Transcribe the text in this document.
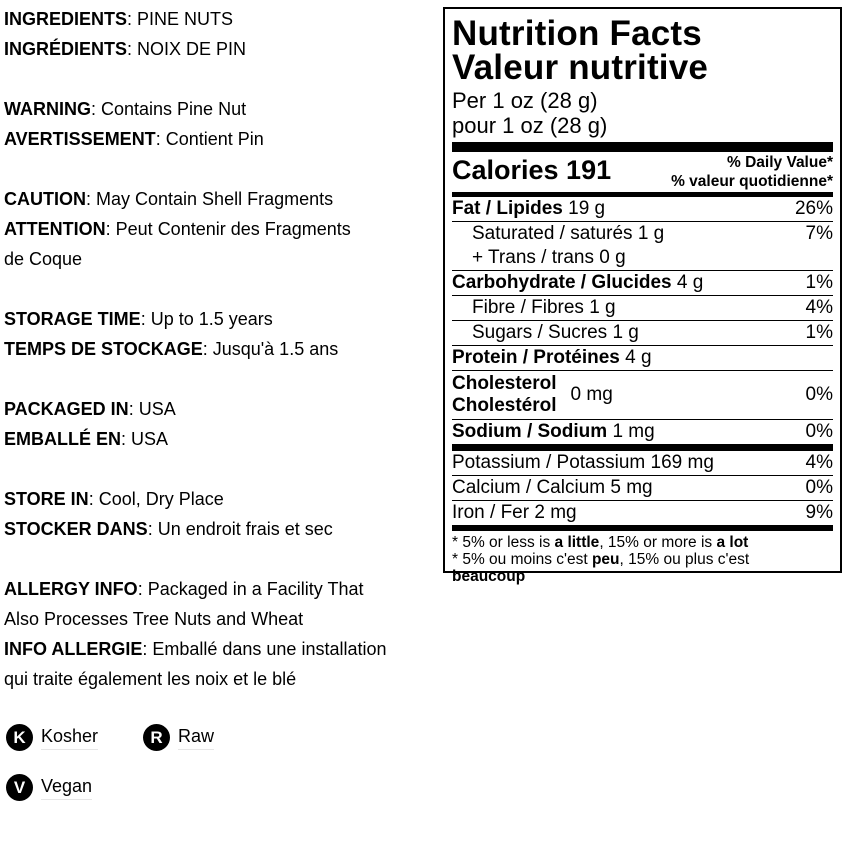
INGREDIENTS: PINE NUTS
INGRÉDIENTS: NOIX DE PIN
WARNING: Contains Pine Nut
AVERTISSEMENT: Contient Pin
CAUTION: May Contain Shell Fragments
ATTENTION: Peut Contenir des Fragments
de Coque
STORAGE TIME: Up to 1.5 years
TEMPS DE STOCKAGE: Jusqu'à 1.5 ans
PACKAGED IN: USA
EMBALLÉ EN: USA
STORE IN: Cool, Dry Place
STOCKER DANS: Un endroit frais et sec
ALLERGY INFO: Packaged in a Facility That
Also Processes Tree Nuts and Wheat
INFO ALLERGIE: Emballé dans une installation
qui traite également les noix et le blé
K Kosher	R Raw
V Vegan
Nutrition Facts
Valeur nutritive
Per 1 oz (28 g)
pour 1 oz (28 g)
Calories 191	% Daily Value*
% valeur quotidienne*
Fat / Lipides 19 g	26%
Saturated / saturés 1 g	7%
+ Trans / trans 0 g
Carbohydrate / Glucides 4 g	1%
Fibre / Fibres 1 g	4%
Sugars / Sucres 1 g	1%
Protein / Protéines 4 g
Cholesterol
Cholestérol
0 mg	0%
Sodium / Sodium 1 mg	0%
Potassium / Potassium 169 mg	4%
Calcium / Calcium 5 mg	0%
Iron / Fer 2 mg	9%
* 5% or less is a little, 15% or more is a lot
* 5% ou moins c'est peu, 15% ou plus c'est
beaucoup
